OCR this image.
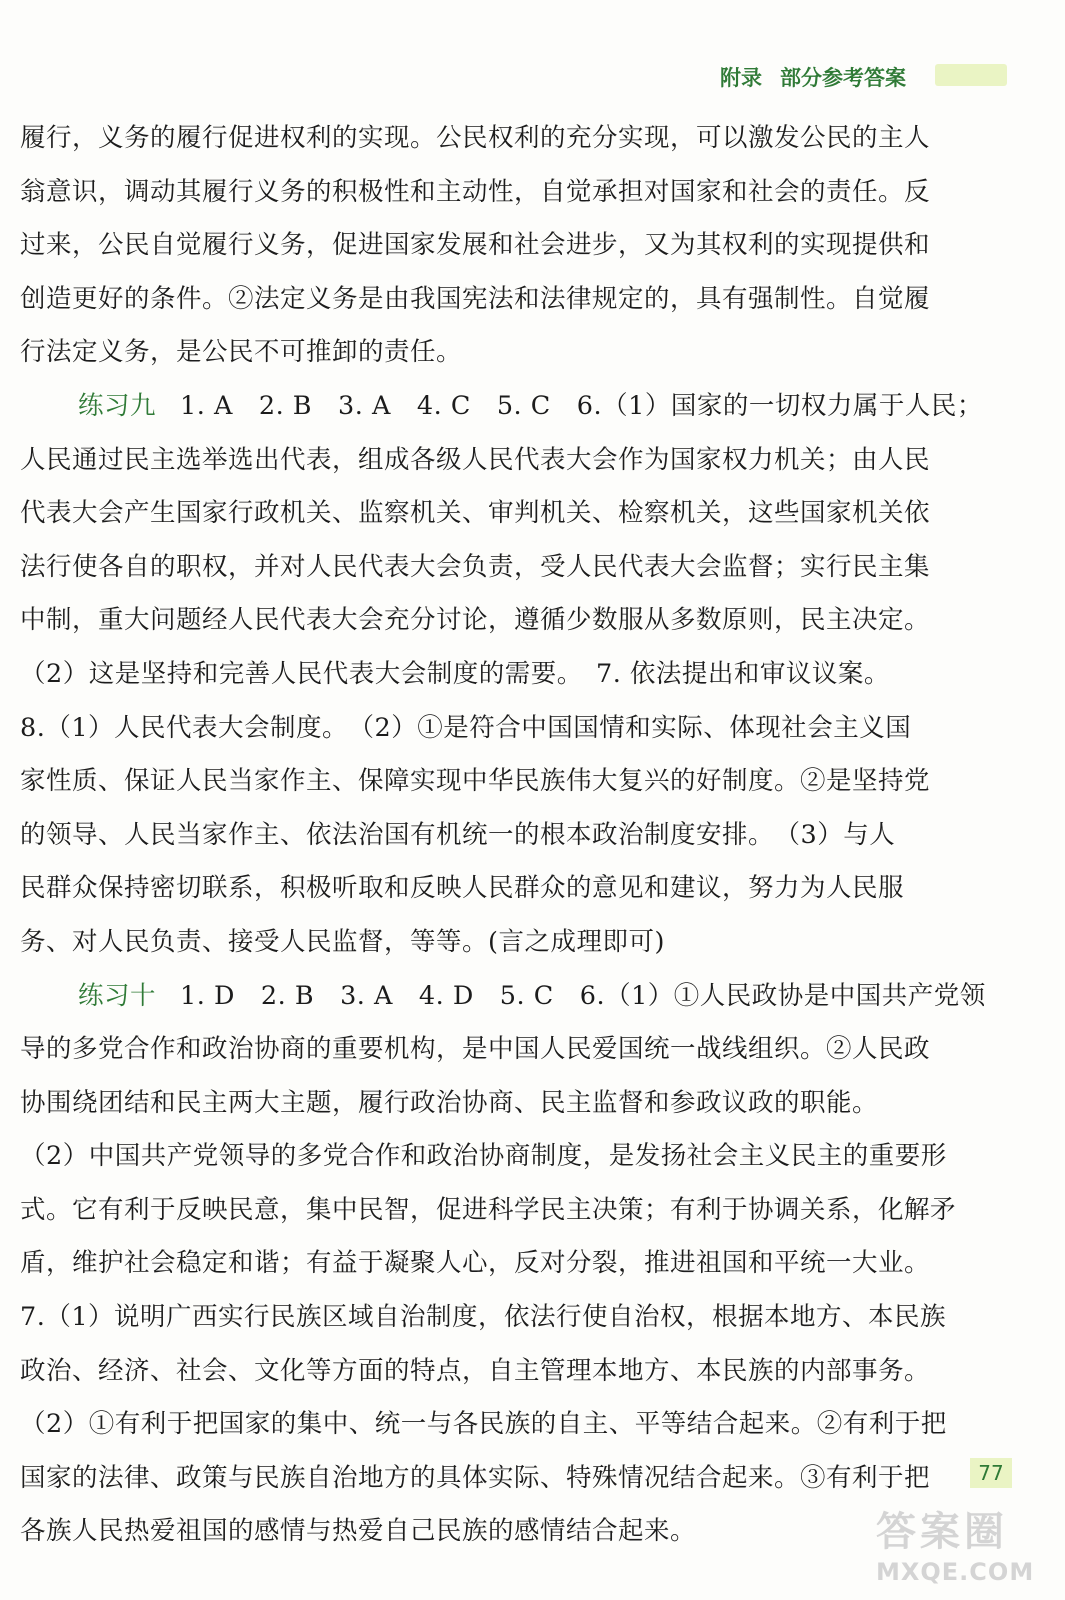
附录 部分参考答案
履行，义务的履行促进权利的实现。公民权利的充分实现，可以激发公民的主人
翁意识，调动其履行义务的积极性和主动性，自觉承担对国家和社会的责任。反
过来，公民自觉履行义务，促进国家发展和社会进步，又为其权利的实现提供和
创造更好的条件。②法定义务是由我国宪法和法律规定的，具有强制性。自觉履
行法定义务，是公民不可推卸的责任。
练习九 1. A　2. B　3. A　4. C　5. C　6.（1）国家的一切权力属于人民；
人民通过民主选举选出代表，组成各级人民代表大会作为国家权力机关；由人民
代表大会产生国家行政机关、监察机关、审判机关、检察机关，这些国家机关依
法行使各自的职权，并对人民代表大会负责，受人民代表大会监督；实行民主集
中制，重大问题经人民代表大会充分讨论，遵循少数服从多数原则，民主决定。
（2）这是坚持和完善人民代表大会制度的需要。　7. 依法提出和审议议案。
8.（1）人民代表大会制度。　（2）①是符合中国国情和实际、体现社会主义国
家性质、保证人民当家作主、保障实现中华民族伟大复兴的好制度。②是坚持党
的领导、人民当家作主、依法治国有机统一的根本政治制度安排。　（3）与人
民群众保持密切联系，积极听取和反映人民群众的意见和建议，努力为人民服
务、对人民负责、接受人民监督，等等。(言之成理即可)
练习十 1. D　2. B　3. A　4. D　5. C　6.（1）①人民政协是中国共产党领
导的多党合作和政治协商的重要机构，是中国人民爱国统一战线组织。②人民政
协围绕团结和民主两大主题，履行政治协商、民主监督和参政议政的职能。
（2）中国共产党领导的多党合作和政治协商制度，是发扬社会主义民主的重要形
式。它有利于反映民意，集中民智，促进科学民主决策；有利于协调关系，化解矛
盾，维护社会稳定和谐；有益于凝聚人心，反对分裂，推进祖国和平统一大业。
7.（1）说明广西实行民族区域自治制度，依法行使自治权，根据本地方、本民族
政治、经济、社会、文化等方面的特点，自主管理本地方、本民族的内部事务。
（2）①有利于把国家的集中、统一与各民族的自主、平等结合起来。②有利于把
国家的法律、政策与民族自治地方的具体实际、特殊情况结合起来。③有利于把
各族人民热爱祖国的感情与热爱自己民族的感情结合起来。
77
答案圈
MXQE.COM
